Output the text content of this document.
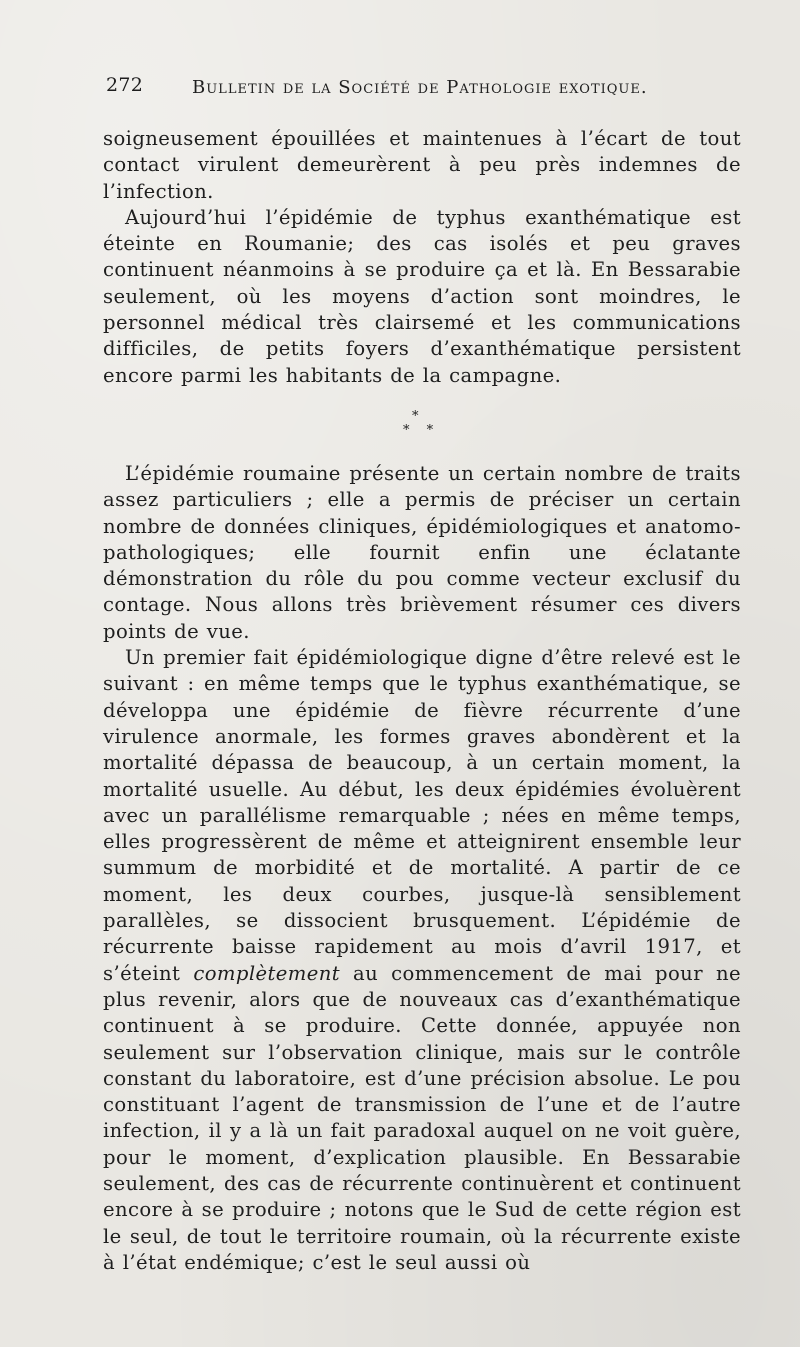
272	Bulletin de la Société de Pathologie exotique.

soigneusement épouillées et maintenues à l’écart de tout contact virulent demeurèrent à peu près indemnes de l’infection.

Aujourd’hui l’épidémie de typhus exanthématique est éteinte en Roumanie; des cas isolés et peu graves continuent néanmoins à se produire ça et là. En Bessarabie seulement, où les moyens d’action sont moindres, le personnel médical très clairsemé et les communications difficiles, de petits foyers d’exanthématique persistent encore parmi les habitants de la campagne.

*
* *

L’épidémie roumaine présente un certain nombre de traits assez particuliers ; elle a permis de préciser un certain nombre de données cliniques, épidémiologiques et anatomo-pathologiques; elle fournit enfin une éclatante démonstration du rôle du pou comme vecteur exclusif du contage. Nous allons très brièvement résumer ces divers points de vue.

Un premier fait épidémiologique digne d’être relevé est le suivant : en même temps que le typhus exanthématique, se développa une épidémie de fièvre récurrente d’une virulence anormale, les formes graves abondèrent et la mortalité dépassa de beaucoup, à un certain moment, la mortalité usuelle. Au début, les deux épidémies évoluèrent avec un parallélisme remarquable ; nées en même temps, elles progressèrent de même et atteignirent ensemble leur summum de morbidité et de mortalité. A partir de ce moment, les deux courbes, jusque-là sensiblement parallèles, se dissocient brusquement. L’épidémie de récurrente baisse rapidement au mois d’avril 1917, et s’éteint complètement au commencement de mai pour ne plus revenir, alors que de nouveaux cas d’exanthématique continuent à se produire. Cette donnée, appuyée non seulement sur l’observation clinique, mais sur le contrôle constant du laboratoire, est d’une précision absolue. Le pou constituant l’agent de transmission de l’une et de l’autre infection, il y a là un fait paradoxal auquel on ne voit guère, pour le moment, d’explication plausible. En Bessarabie seulement, des cas de récurrente continuèrent et continuent encore à se produire ; notons que le Sud de cette région est le seul, de tout le territoire roumain, où la récurrente existe à l’état endémique; c’est le seul aussi où
